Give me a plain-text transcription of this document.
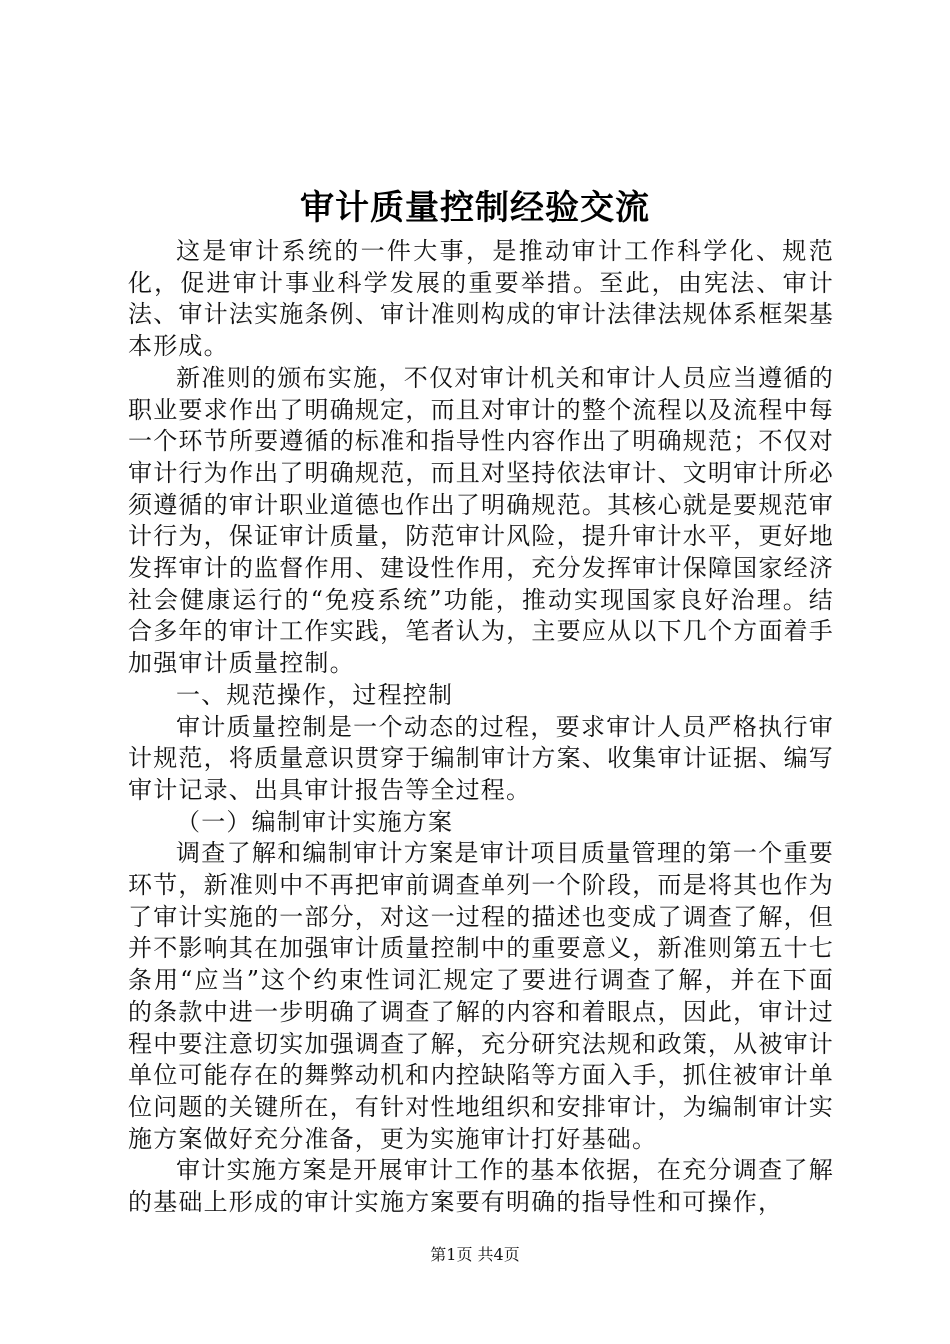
审计质量控制经验交流

这是审计系统的一件大事，是推动审计工作科学化、规范化，促进审计事业科学发展的重要举措。至此，由宪法、审计法、审计法实施条例、审计准则构成的审计法律法规体系框架基本形成。

新准则的颁布实施，不仅对审计机关和审计人员应当遵循的职业要求作出了明确规定，而且对审计的整个流程以及流程中每一个环节所要遵循的标准和指导性内容作出了明确规范；不仅对审计行为作出了明确规范，而且对坚持依法审计、文明审计所必须遵循的审计职业道德也作出了明确规范。其核心就是要规范审计行为，保证审计质量，防范审计风险，提升审计水平，更好地发挥审计的监督作用、建设性作用，充分发挥审计保障国家经济社会健康运行的“免疫系统”功能，推动实现国家良好治理。结合多年的审计工作实践，笔者认为，主要应从以下几个方面着手加强审计质量控制。

一、规范操作，过程控制

审计质量控制是一个动态的过程，要求审计人员严格执行审计规范，将质量意识贯穿于编制审计方案、收集审计证据、编写审计记录、出具审计报告等全过程。

（一）编制审计实施方案

调查了解和编制审计方案是审计项目质量管理的第一个重要环节，新准则中不再把审前调查单列一个阶段，而是将其也作为了审计实施的一部分，对这一过程的描述也变成了调查了解，但并不影响其在加强审计质量控制中的重要意义，新准则第五十七条用“应当”这个约束性词汇规定了要进行调查了解，并在下面的条款中进一步明确了调查了解的内容和着眼点，因此，审计过程中要注意切实加强调查了解，充分研究法规和政策，从被审计单位可能存在的舞弊动机和内控缺陷等方面入手，抓住被审计单位问题的关键所在，有针对性地组织和安排审计，为编制审计实施方案做好充分准备，更为实施审计打好基础。

审计实施方案是开展审计工作的基本依据，在充分调查了解的基础上形成的审计实施方案要有明确的指导性和可操作，

第1页 共4页
